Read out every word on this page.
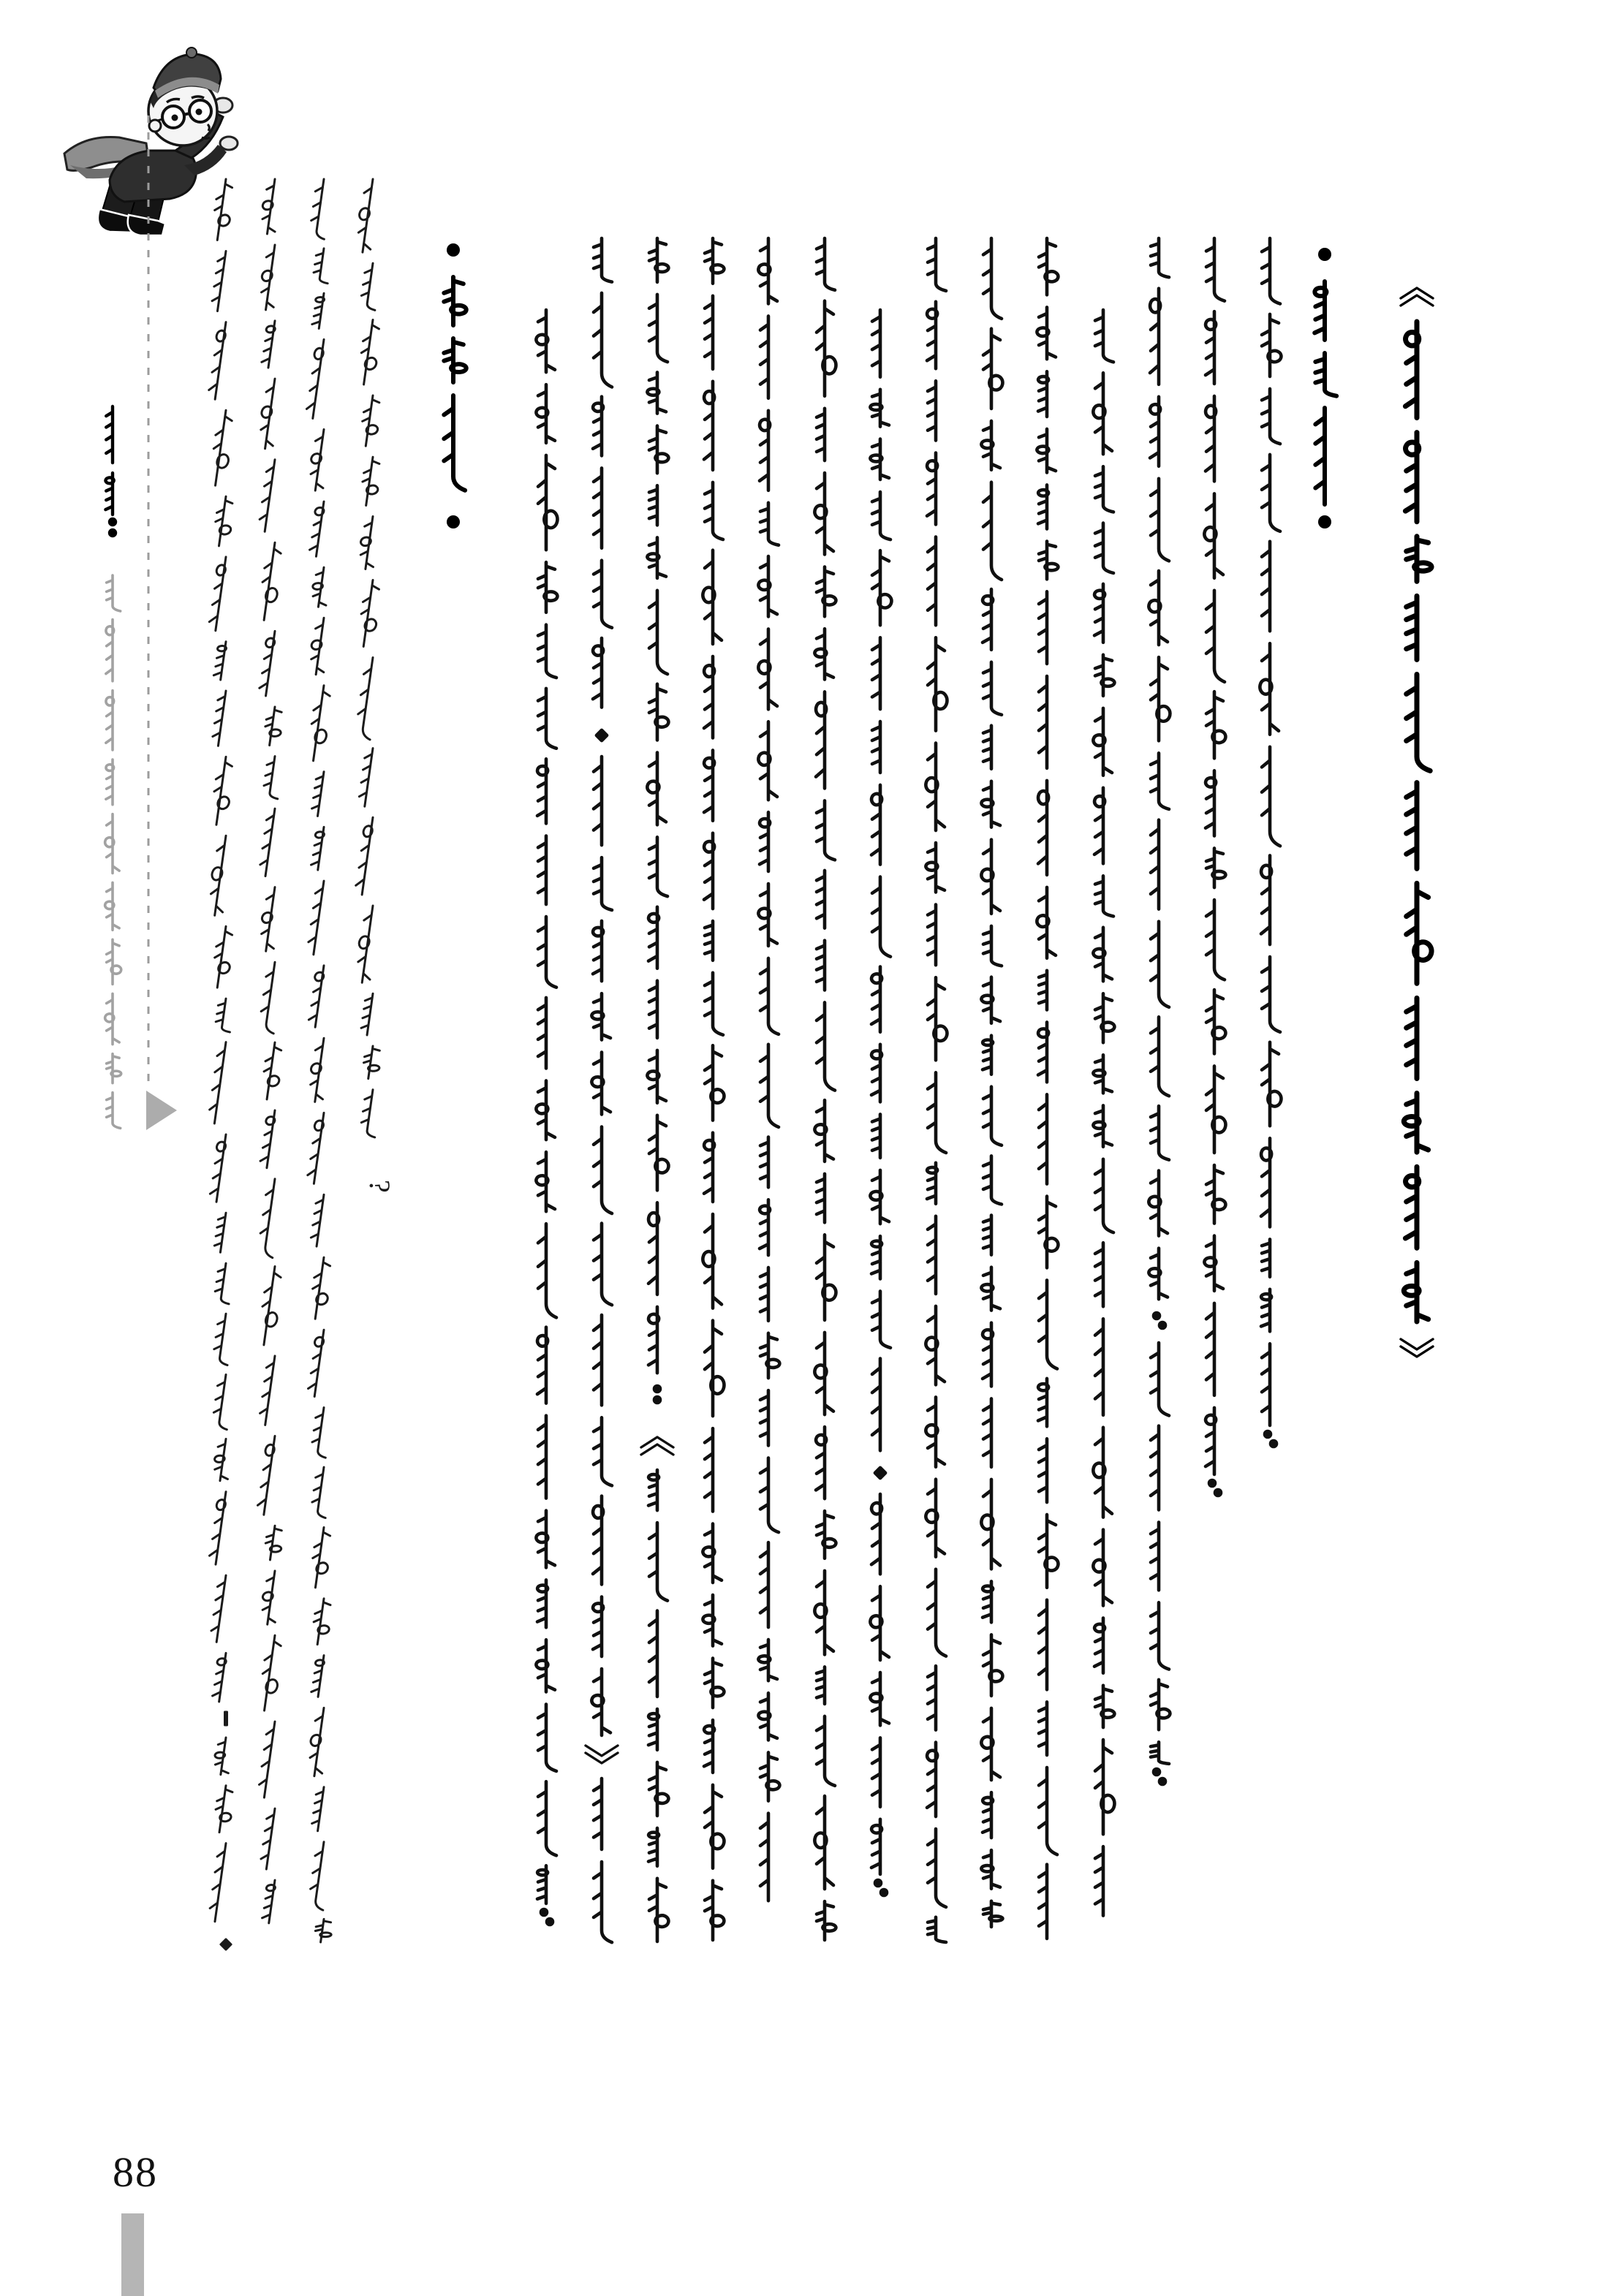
?
88
